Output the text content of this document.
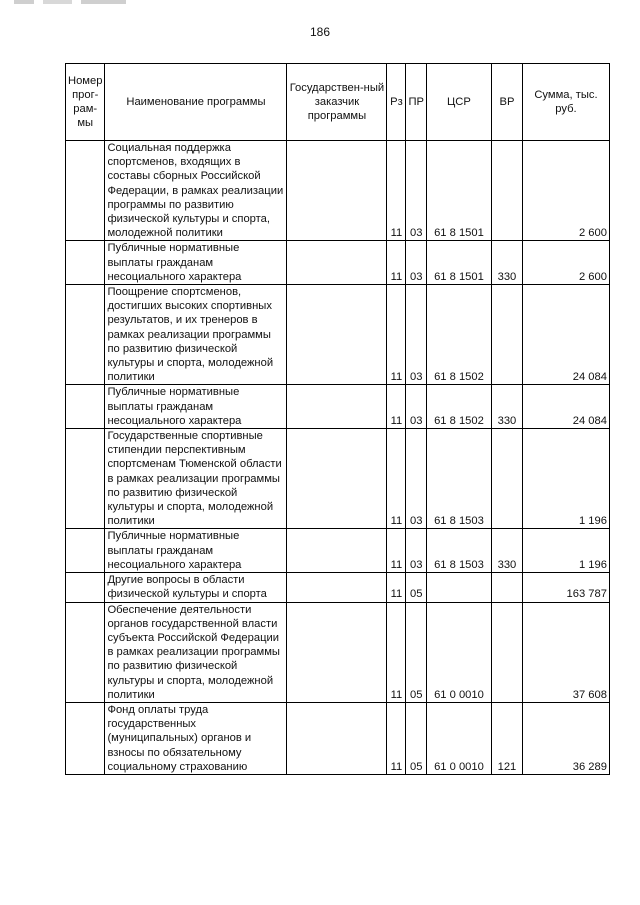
186
Номер прог-рам-мы	Наименование программы	Государствен-ный заказчик программы	Рз	ПР	ЦСР	ВР	Сумма, тыс. руб.
	Социальная поддержка спортсменов, входящих в составы сборных Российской Федерации, в рамках реализации программы по развитию физической культуры и спорта, молодежной политики		11	03	61 8 1501		2 600
	Публичные нормативные выплаты гражданам несоциального характера		11	03	61 8 1501	330	2 600
	Поощрение спортсменов, достигших высоких спортивных результатов, и их тренеров в рамках реализации программы по развитию физической культуры и спорта, молодежной политики		11	03	61 8 1502		24 084
	Публичные нормативные выплаты гражданам несоциального характера		11	03	61 8 1502	330	24 084
	Государственные спортивные стипендии перспективным спортсменам Тюменской области в рамках реализации программы по развитию физической культуры и спорта, молодежной политики		11	03	61 8 1503		1 196
	Публичные нормативные выплаты гражданам несоциального характера		11	03	61 8 1503	330	1 196
	Другие вопросы в области физической культуры и спорта		11	05			163 787
	Обеспечение деятельности органов государственной власти субъекта Российской Федерации в рамках реализации программы по развитию физической культуры и спорта, молодежной политики		11	05	61 0 0010		37 608
	Фонд оплаты труда государственных (муниципальных) органов и взносы по обязательному социальному страхованию		11	05	61 0 0010	121	36 289
